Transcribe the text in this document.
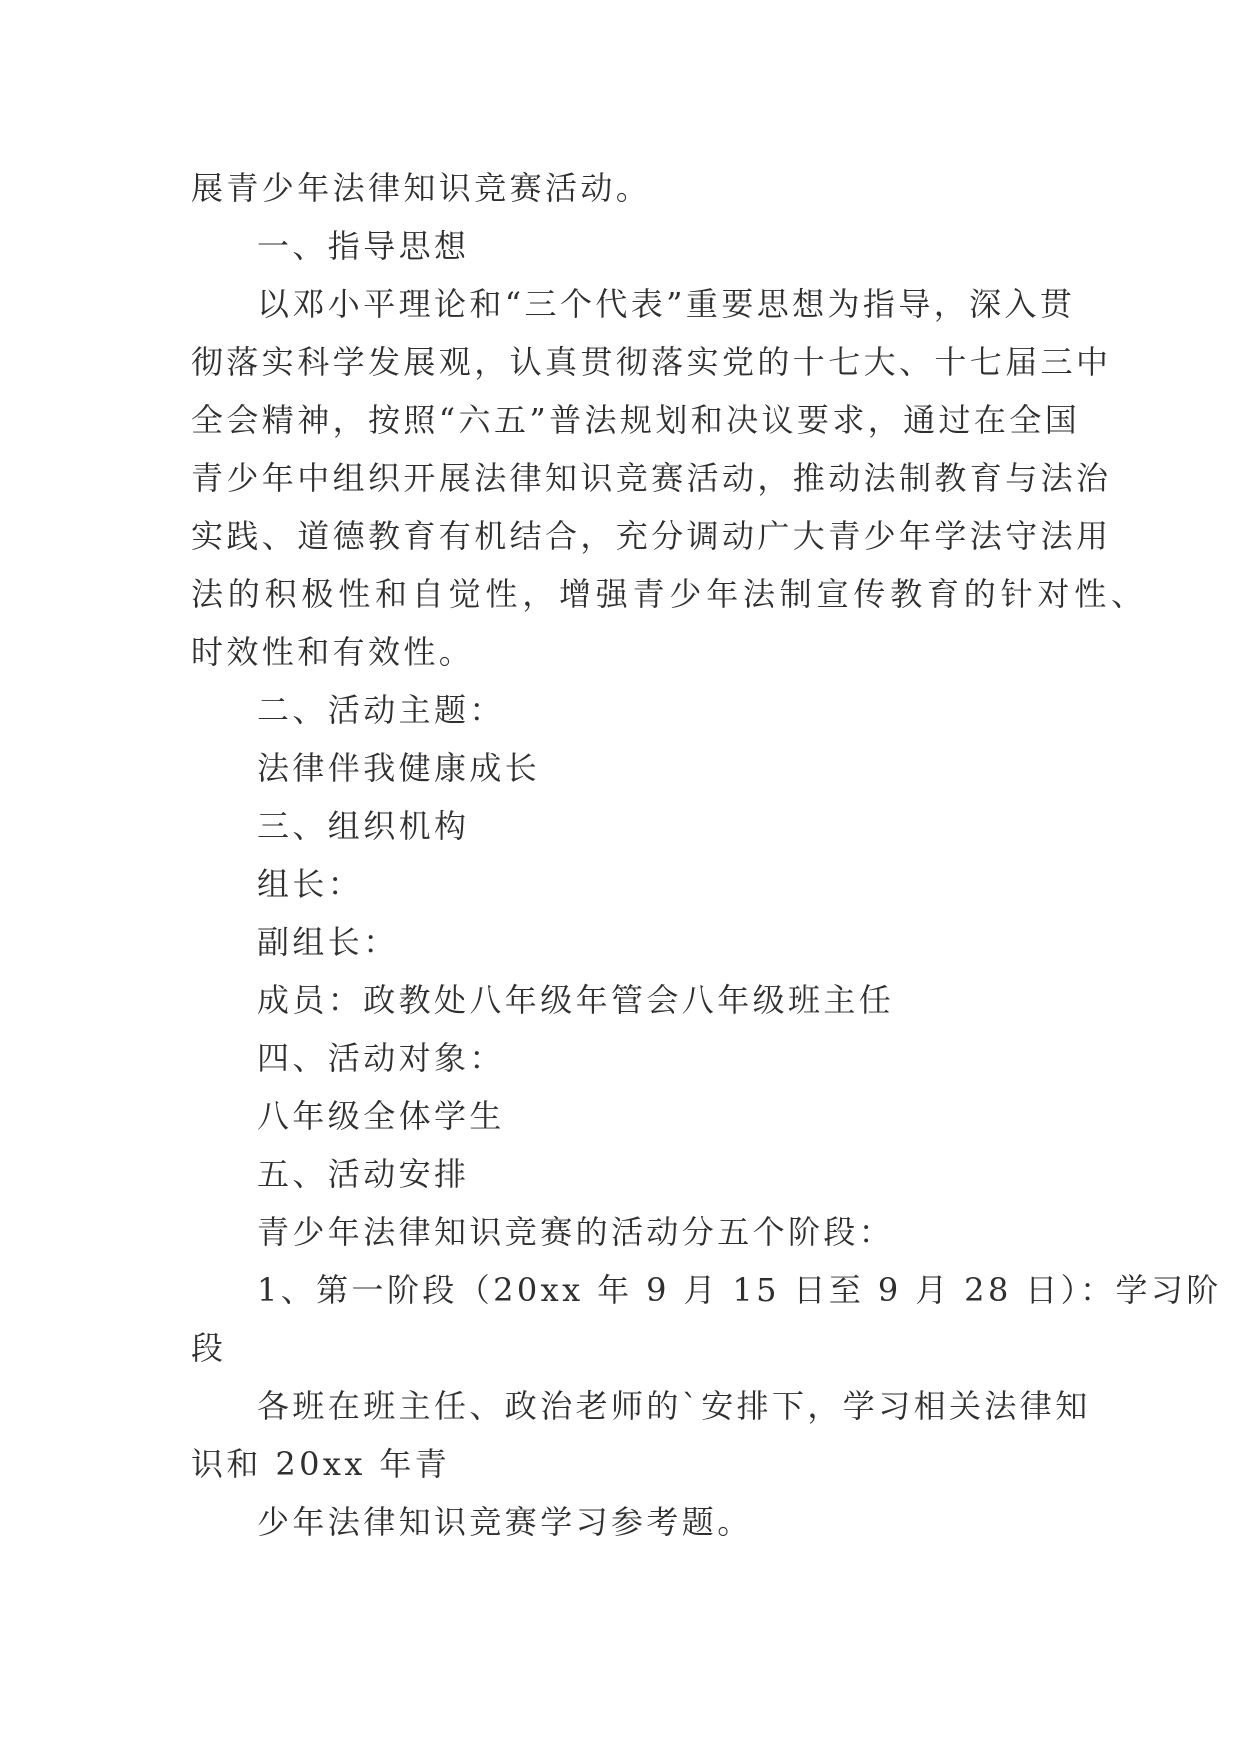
展青少年法律知识竞赛活动。

一、指导思想

以邓小平理论和“三个代表”重要思想为指导，深入贯

彻落实科学发展观，认真贯彻落实党的十七大、十七届三中

全会精神，按照“六五”普法规划和决议要求，通过在全国

青少年中组织开展法律知识竞赛活动，推动法制教育与法治

实践、道德教育有机结合，充分调动广大青少年学法守法用

法的积极性和自觉性，增强青少年法制宣传教育的针对性、

时效性和有效性。

二、活动主题：

法律伴我健康成长

三、组织机构

组长：

副组长：

成员：政教处八年级年管会八年级班主任

四、活动对象：

八年级全体学生

五、活动安排

青少年法律知识竞赛的活动分五个阶段：

1、第一阶段（20xx 年 9 月 15 日至 9 月 28 日）：学习阶

段

各班在班主任、政治老师的`安排下，学习相关法律知

识和 20xx 年青

少年法律知识竞赛学习参考题。
